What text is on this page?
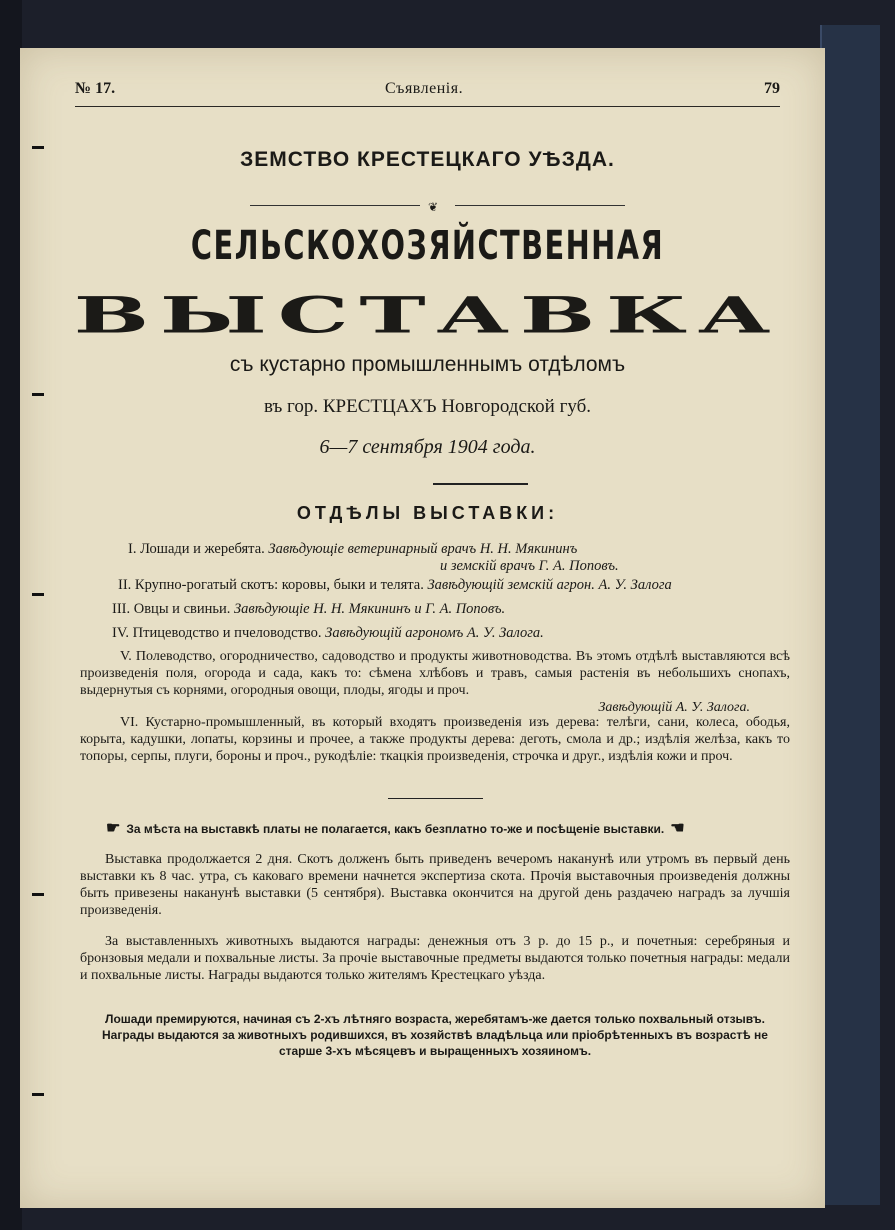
№ 17.	Съявленія.	79
ЗЕМСТВО КРЕСТЕЦКАГО УѢЗДА.
❦
СЕЛЬСКОХОЗЯЙСТВЕННАЯ
ВЫСТАВКА
съ кустарно промышленнымъ отдѣломъ
въ гор. КРЕСТЦАХЪ Новгородской губ.
6—7 сентября 1904 года.
ОТДѢЛЫ ВЫСТАВКИ:
I. Лошади и жеребята. Завѣдующіе ветеринарный врачъ Н. Н. Мякининъ
и земскій врачъ Г. А. Поповъ.
II. Крупно-рогатый скотъ: коровы, быки и телята. Завѣдующій земскій агрон. А. У. Залога
III. Овцы и свиньи. Завѣдующіе Н. Н. Мякининъ и Г. А. Поповъ.
IV. Птицеводство и пчеловодство. Завѣдующій агрономъ А. У. Залога.
V. Полеводство, огородничество, садоводство и продукты животноводства. Въ этомъ отдѣлѣ выставляются всѣ произведенія поля, огорода и сада, какъ то: сѣмена хлѣбовъ и травъ, самыя растенія въ небольшихъ снопахъ, выдернутыя съ корнями, огородныя овощи, плоды, ягоды и проч.
Завѣдующій А. У. Залога.
VI. Кустарно-промышленный, въ который входятъ произведенія изъ дерева: телѣги, сани, колеса, ободья, корыта, кадушки, лопаты, корзины и прочее, а также продукты дерева: деготь, смола и др.; издѣлія желѣза, какъ то топоры, серпы, плуги, бороны и проч., рукодѣліе: ткацкія произведенія, строчка и друг., издѣлія кожи и проч.
☛ За мѣста на выставкѣ платы не полагается, какъ безплатно то-же и посѣщеніе выставки. ☚
Выставка продолжается 2 дня. Скотъ долженъ быть приведенъ вечеромъ наканунѣ или утромъ въ первый день выставки къ 8 час. утра, съ каковаго времени начнется экспертиза скота. Прочія выставочныя произведенія должны быть привезены наканунѣ выставки (5 сентября). Выставка окончится на другой день раздачею наградъ за лучшія произведенія.
За выставленныхъ животныхъ выдаются награды: денежныя отъ 3 р. до 15 р., и почетныя: серебряныя и бронзовыя медали и похвальные листы. За прочіе выставочные предметы выдаются только почетныя награды: медали и похвальные листы. Награды выдаются только жителямъ Крестецкаго уѣзда.
Лошади премируются, начиная съ 2-хъ лѣтняго возраста, жеребятамъ-же дается только похвальный отзывъ. Награды выдаются за животныхъ родившихся, въ хозяйствѣ владѣльца или пріобрѣтенныхъ въ возрастѣ не старше 3-хъ мѣсяцевъ и выращенныхъ хозяиномъ.
